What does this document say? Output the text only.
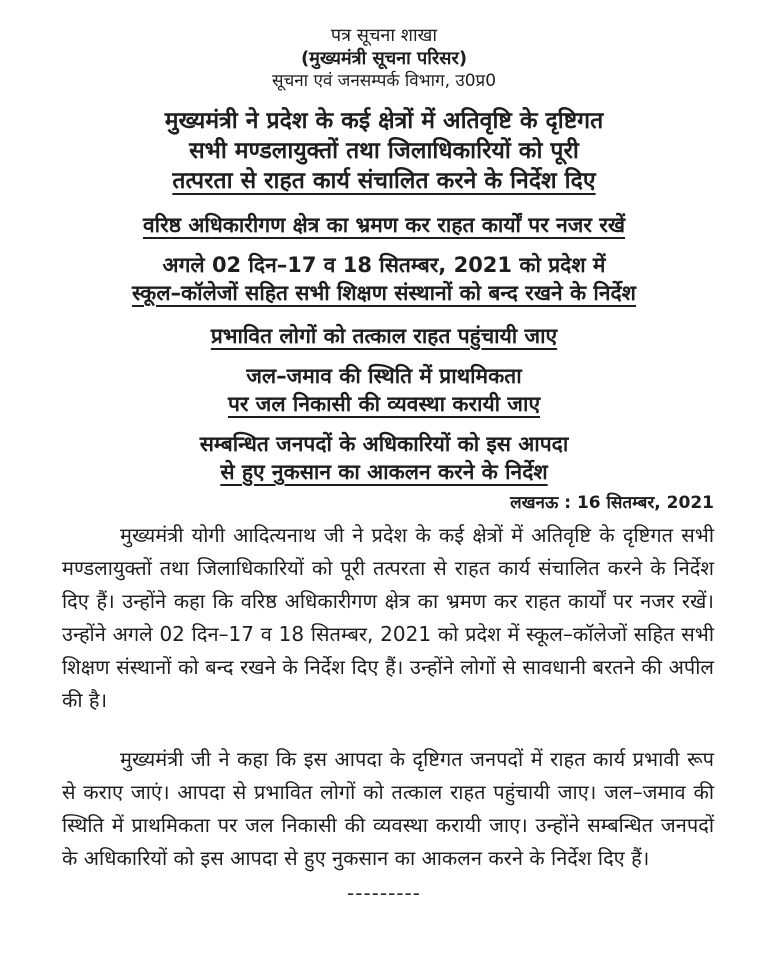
पत्र सूचना शाखा
(मुख्यमंत्री सूचना परिसर)
सूचना एवं जनसम्पर्क विभाग, उ0प्र0
मुख्यमंत्री ने प्रदेश के कई क्षेत्रों में अतिवृष्टि के दृष्टिगत
सभी मण्डलायुक्तों तथा जिलाधिकारियों को पूरी
तत्परता से राहत कार्य संचालित करने के निर्देश दिए
वरिष्ठ अधिकारीगण क्षेत्र का भ्रमण कर राहत कार्यों पर नजर रखें
अगले 02 दिन–17 व 18 सितम्बर, 2021 को प्रदेश में
स्कूल–कॉलेजों सहित सभी शिक्षण संस्थानों को बन्द रखने के निर्देश
प्रभावित लोगों को तत्काल राहत पहुंचायी जाए
जल–जमाव की स्थिति में प्राथमिकता
पर जल निकासी की व्यवस्था करायी जाए
सम्बन्धित जनपदों के अधिकारियों को इस आपदा
से हुए नुकसान का आकलन करने के निर्देश
लखनऊ : 16 सितम्बर, 2021

मुख्यमंत्री योगी आदित्यनाथ जी ने प्रदेश के कई क्षेत्रों में अतिवृष्टि के दृष्टिगत सभी मण्डलायुक्तों तथा जिलाधिकारियों को पूरी तत्परता से राहत कार्य संचालित करने के निर्देश दिए हैं। उन्होंने कहा कि वरिष्ठ अधिकारीगण क्षेत्र का भ्रमण कर राहत कार्यों पर नजर रखें। उन्होंने अगले 02 दिन–17 व 18 सितम्बर, 2021 को प्रदेश में स्कूल–कॉलेजों सहित सभी शिक्षण संस्थानों को बन्द रखने के निर्देश दिए हैं। उन्होंने लोगों से सावधानी बरतने की अपील की है।

मुख्यमंत्री जी ने कहा कि इस आपदा के दृष्टिगत जनपदों में राहत कार्य प्रभावी रूप से कराए जाएं। आपदा से प्रभावित लोगों को तत्काल राहत पहुंचायी जाए। जल–जमाव की स्थिति में प्राथमिकता पर जल निकासी की व्यवस्था करायी जाए। उन्होंने सम्बन्धित जनपदों के अधिकारियों को इस आपदा से हुए नुकसान का आकलन करने के निर्देश दिए हैं।

---------
